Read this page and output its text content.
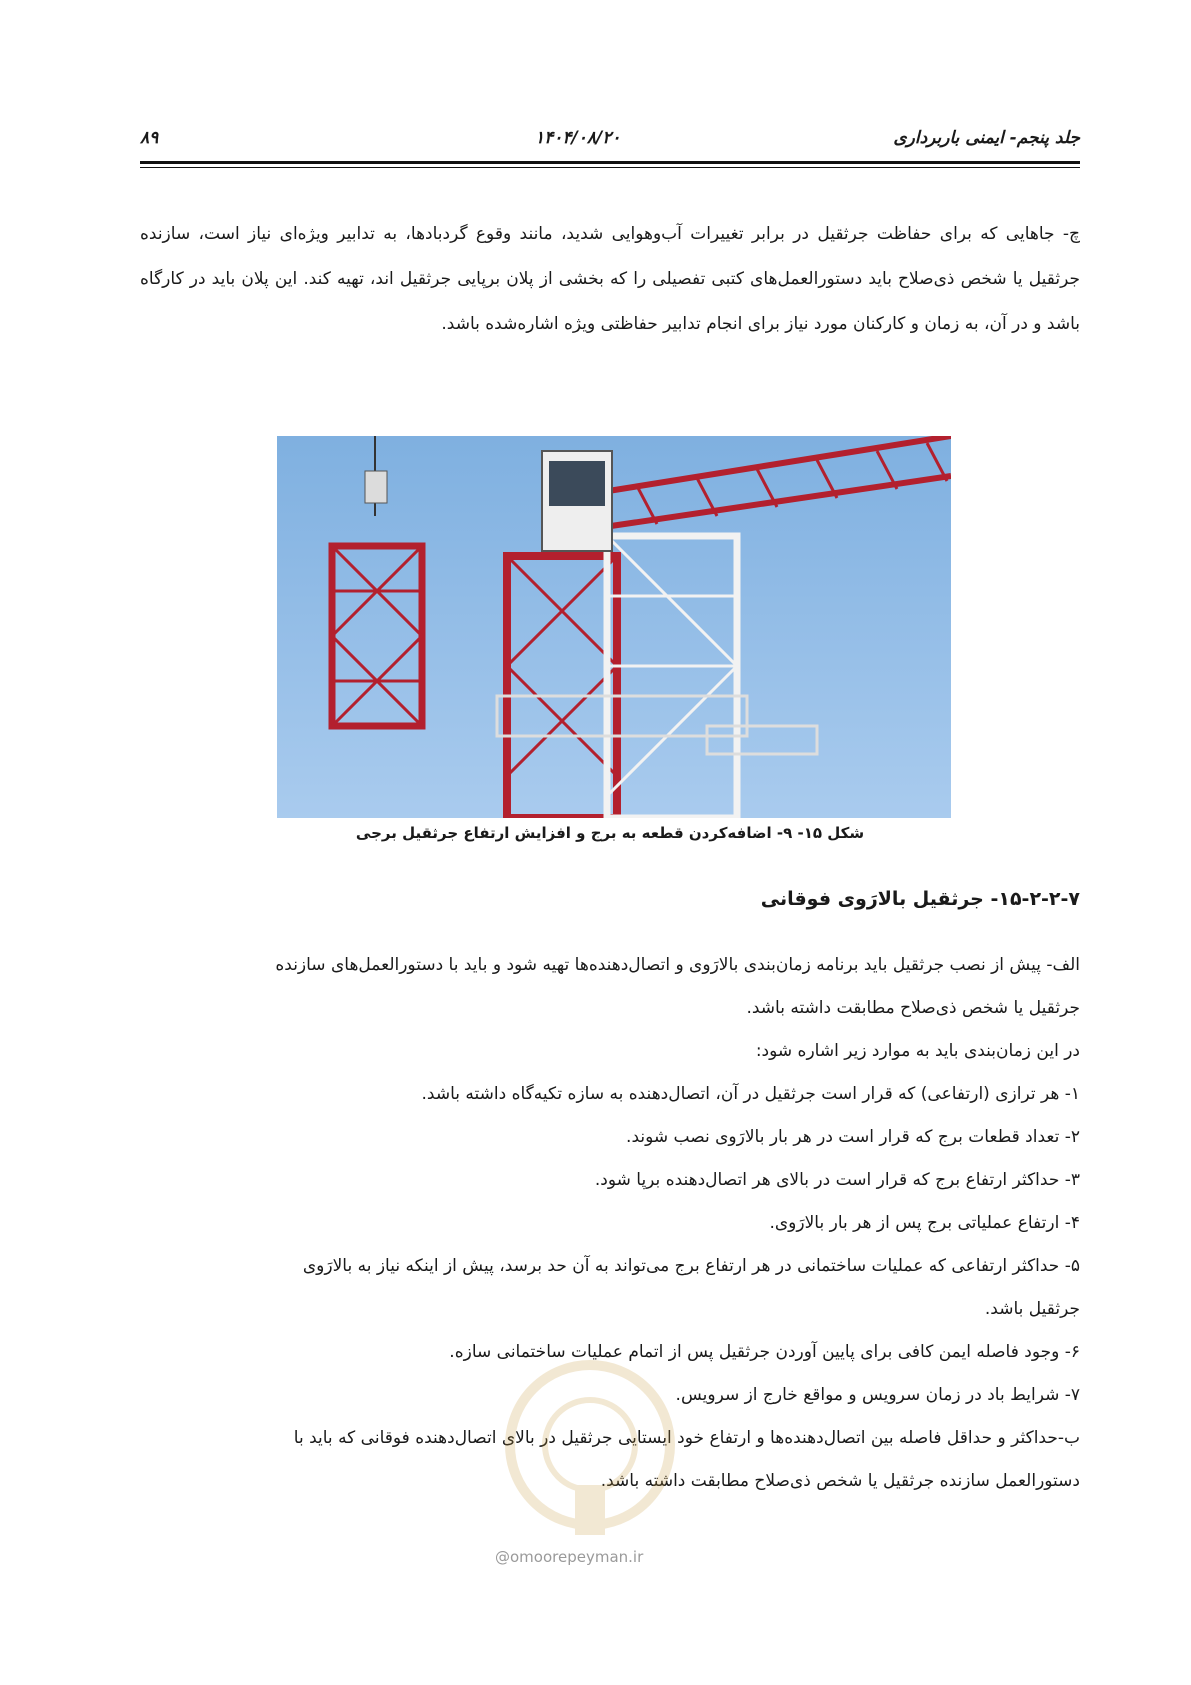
جلد پنجم- ایمنی باربرداری
۱۴۰۴/۰۸/۲۰
۸۹
چ- جاهایی که برای حفاظت جرثقیل در برابر تغییرات آب‌وهوایی شدید، مانند وقوع گردبادها، به تدابیر ویژه‌ای نیاز است، سازنده جرثقیل یا شخص ذی‌صلاح باید دستورالعمل‌های کتبی تفصیلی را که بخشی از پلان برپایی جرثقیل اند، تهیه کند. این پلان باید در کارگاه باشد و در آن، به زمان و کارکنان مورد نیاز برای انجام تدابیر حفاظتی ویژه اشاره‌شده باشد.
شکل ۱۵- ۹- اضافه‌کردن قطعه به برج و افزایش ارتفاع جرثقیل برجی
۱۵-۲-۲-۷- جرثقیل بالارَوی فوقانی
الف- پیش از نصب جرثقیل باید برنامه زمان‌بندی بالارَوی و اتصال‌دهنده‌ها تهیه شود و باید با دستورالعمل‌های سازنده
جرثقیل یا شخص ذی‌صلاح مطابقت داشته باشد.
در این زمان‌بندی باید به موارد زیر اشاره شود:
۱- هر ترازی (ارتفاعی) که قرار است جرثقیل در آن، اتصال‌دهنده به سازه تکیه‌گاه داشته باشد.
۲- تعداد قطعات برج که قرار است در هر بار بالارَوی نصب شوند.
۳- حداکثر ارتفاع برج که قرار است در بالای هر اتصال‌دهنده برپا شود.
۴- ارتفاع عملیاتی برج پس از هر بار بالارَوی.
۵- حداکثر ارتفاعی که عملیات ساختمانی در هر ارتفاع برج می‌تواند به آن حد برسد، پیش از اینکه نیاز به بالارَوی
جرثقیل باشد.
۶- وجود فاصله ایمن کافی برای پایین آوردن جرثقیل پس از اتمام عملیات ساختمانی سازه.
۷- شرایط باد در زمان سرویس و مواقع خارج از سرویس.
ب-حداکثر و حداقل فاصله بین اتصال‌دهنده‌ها و ارتفاع خود ایستایی جرثقیل در بالای اتصال‌دهنده فوقانی که باید با
دستورالعمل سازنده جرثقیل یا شخص ذی‌صلاح مطابقت داشته باشد.
@omoorepeyman.ir
